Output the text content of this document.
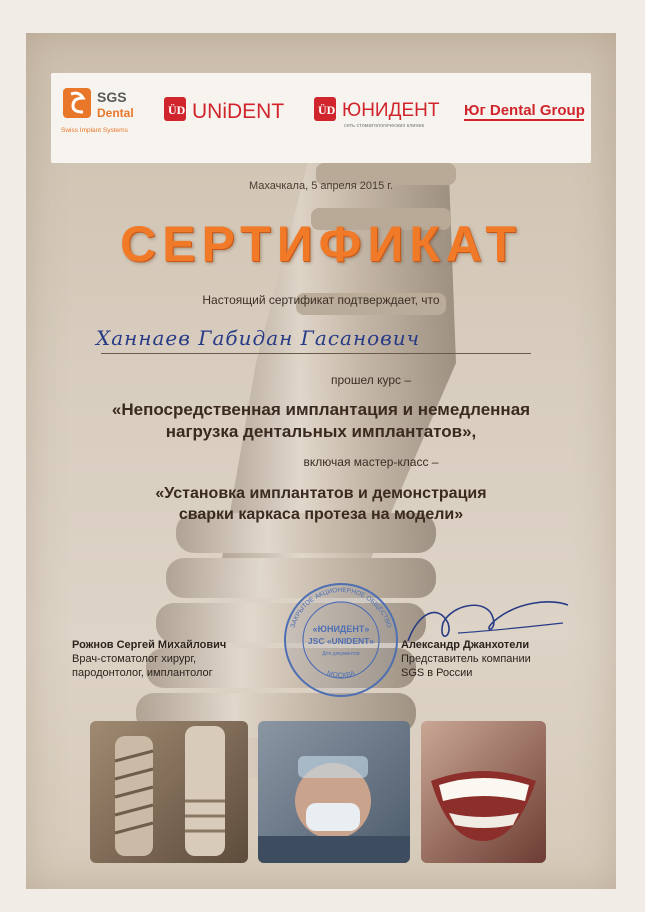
SGS
Dental
Swiss Implant Systems
ÜD UNiDENT	ÜD ЮНИДЕНТ
сеть стоматологических клиник
Юг Dental Group
Махачкала, 5 апреля 2015 г.
СЕРТИФИКАТ
Настоящий сертификат подтверждает, что
Ханнаев Габидан Гасанович
прошел курс –
«Непосредственная имплантация и немедленная
нагрузка дентальных имплантатов»,
включая мастер-класс –
«Установка имплантатов и демонстрация
сварки каркаса протеза на модели»
ЗАКРЫТОЕ АКЦИОНЕРНОЕ ОБЩЕСТВО
МОСКВА
«ЮНИДЕНТ»
JSC «UNIDENT»
Для документов
Рожнов Сергей Михайлович
Врач-стоматолог хирург,
пародонтолог, имплантолог
Александр Джанхотели
Представитель компании
SGS в России
